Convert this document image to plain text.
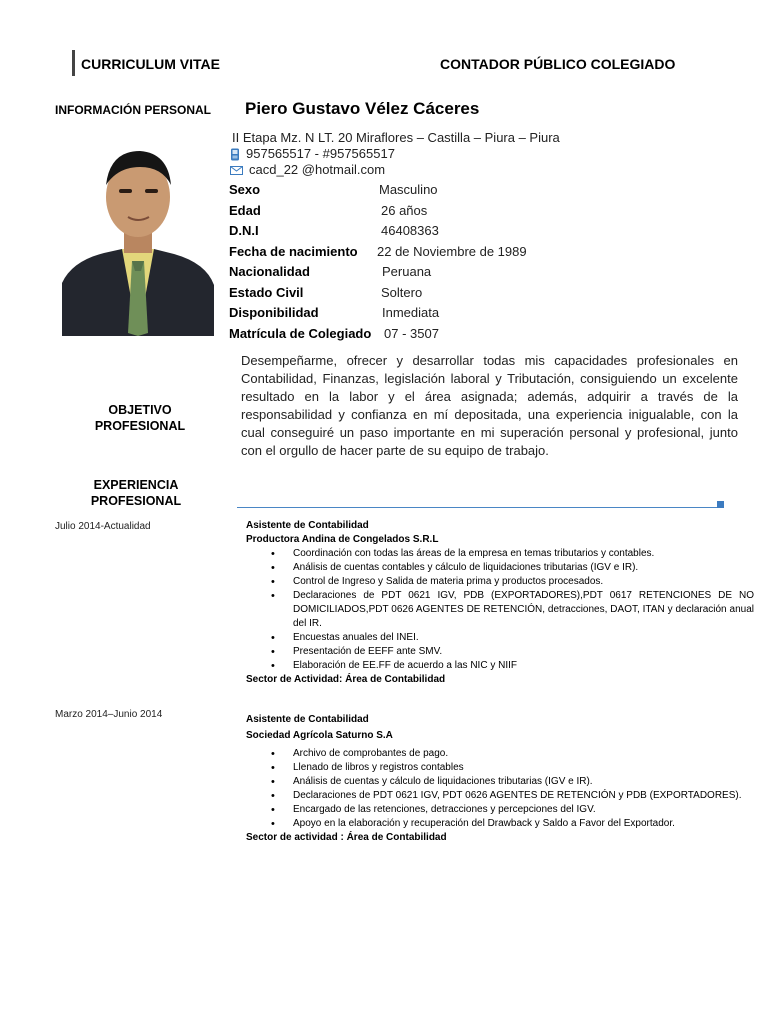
CURRICULUM VITAE	CONTADOR PÚBLICO COLEGIADO
INFORMACIÓN PERSONAL Piero Gustavo Vélez Cáceres
II Etapa Mz. N LT. 20 Miraflores – Castilla – Piura – Piura
957565517 - #957565517
cacd_22 @hotmail.com
Sexo	Masculino
Edad	26 años
D.N.I	46408363
Fecha de nacimiento 22 de Noviembre de 1989
Nacionalidad	Peruana
Estado Civil	Soltero
Disponibilidad	Inmediata
Matrícula de Colegiado 07 - 3507
OBJETIVO PROFESIONAL
Desempeñarme, ofrecer y desarrollar todas mis capacidades profesionales en Contabilidad, Finanzas, legislación laboral y Tributación, consiguiendo un excelente resultado en la labor y el área asignada; además, adquirir a través de la responsabilidad y confianza en mí depositada, una experiencia inigualable, con la cual conseguiré un paso importante en mi superación personal y profesional, junto con el orgullo de hacer parte de su equipo de trabajo.
EXPERIENCIA PROFESIONAL
Julio 2014-Actualidad	Asistente de Contabilidad
Productora Andina de Congelados S.R.L
• Coordinación con todas las áreas de la empresa en temas tributarios y contables.
• Análisis de cuentas contables y cálculo de liquidaciones tributarias (IGV e IR).
• Control de Ingreso y Salida de materia prima y productos procesados.
• Declaraciones de PDT 0621 IGV, PDB (EXPORTADORES),PDT 0617 RETENCIONES DE NO DOMICILIADOS,PDT 0626 AGENTES DE RETENCIÓN, detracciones, DAOT, ITAN y declaración anual del IR.
• Encuestas anuales del INEI.
• Presentación de EEFF ante SMV.
• Elaboración de EE.FF de acuerdo a las NIC y NIIF
Sector de Actividad: Área de Contabilidad
Marzo 2014–Junio 2014	Asistente de Contabilidad
Sociedad Agrícola Saturno S.A
• Archivo de comprobantes de pago.
• Llenado de libros y registros contables
• Análisis de cuentas y cálculo de liquidaciones tributarias (IGV e IR).
• Declaraciones de PDT 0621 IGV, PDT 0626 AGENTES DE RETENCIÓN y PDB (EXPORTADORES).
• Encargado de las retenciones, detracciones y percepciones del IGV.
• Apoyo en la elaboración y recuperación del Drawback y Saldo a Favor del Exportador.
Sector de actividad : Área de Contabilidad
